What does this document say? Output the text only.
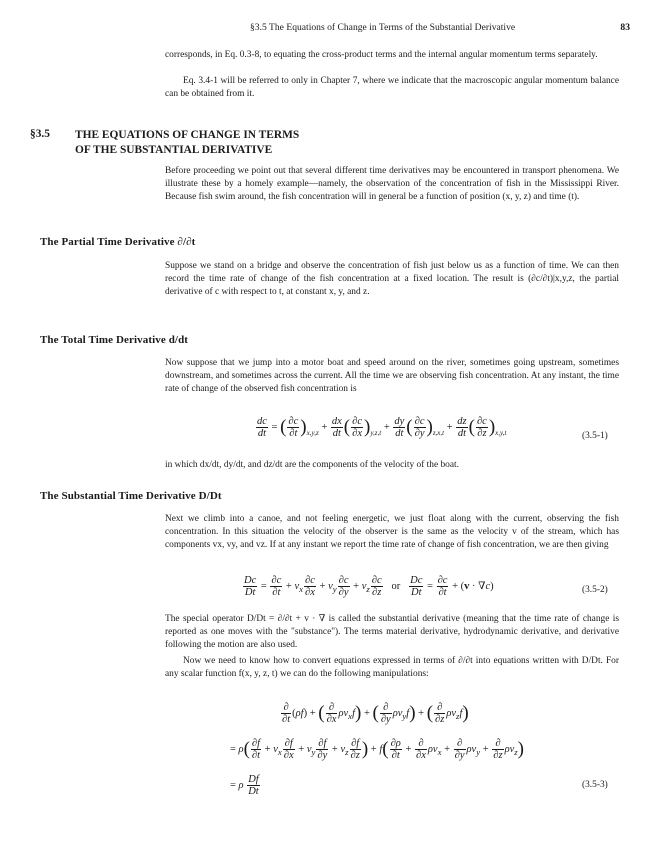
§3.5 The Equations of Change in Terms of the Substantial Derivative	83
corresponds, in Eq. 0.3-8, to equating the cross-product terms and the internal angular momentum terms separately.
Eq. 3.4-1 will be referred to only in Chapter 7, where we indicate that the macroscopic angular momentum balance can be obtained from it.
§3.5 THE EQUATIONS OF CHANGE IN TERMS
OF THE SUBSTANTIAL DERIVATIVE
Before proceeding we point out that several different time derivatives may be encountered in transport phenomena. We illustrate these by a homely example—namely, the observation of the concentration of fish in the Mississippi River. Because fish swim around, the fish concentration will in general be a function of position (x, y, z) and time (t).
The Partial Time Derivative ∂/∂t
Suppose we stand on a bridge and observe the concentration of fish just below us as a function of time. We can then record the time rate of change of the fish concentration at a fixed location. The result is (∂c/∂t)|x,y,z, the partial derivative of c with respect to t, at constant x, y, and z.
The Total Time Derivative d/dt
Now suppose that we jump into a motor boat and speed around on the river, sometimes going upstream, sometimes downstream, and sometimes across the current. All the time we are observing fish concentration. At any instant, the time rate of change of the observed fish concentration is
$\frac{dc}{dt}$ = ( $\frac{\partial c}{\partial t} )_{x,y,z} + \frac{dx}{dt}$ ( $\frac{\partial c}{\partial x} )_{y,z,t} + \frac{dy}{dt}$ ( $\frac{\partial c}{\partial y} )_{z,x,t} + \frac{dz}{dt}$ ( $\frac{\partial c}{\partial z} )_{x,y,t}$	(3.5-1)
in which dx/dt, dy/dt, and dz/dt are the components of the velocity of the boat.
The Substantial Time Derivative D/Dt
Next we climb into a canoe, and not feeling energetic, we just float along with the current, observing the fish concentration. In this situation the velocity of the observer is the same as the velocity v of the stream, which has components vx, vy, and vz. If at any instant we report the time rate of change of fish concentration, we are then giving
$\frac{Dc}{Dt} = \frac{\partial c}{\partial t} + v_x \frac{\partial c}{\partial x} + v_y \frac{\partial c}{\partial y} + v_z \frac{\partial c}{\partial z}$ or $\frac{Dc}{Dt} = \frac{\partial c}{\partial t} + (v \cdot \nabla c)$	(3.5-2)
The special operator D/Dt = ∂/∂t + v · ∇ is called the substantial derivative (meaning that the time rate of change is reported as one moves with the "substance"). The terms material derivative, hydrodynamic derivative, and derivative following the motion are also used.
Now we need to know how to convert equations expressed in terms of ∂/∂t into equations written with D/Dt. For any scalar function f(x, y, z, t) we can do the following manipulations:
$\frac{\partial}{\partial t} (\rho f)$ + ( $\frac{\partial}{\partial x} \rho v_xf$) + ( $\frac{\partial}{\partial y} \rho v_yf$) + ( $\frac{\partial}{\partial z} \rho v_zf$)
= $\rho( \frac{\partial f}{\partial t} + v_x \frac{\partial f}{\partial x} + v_y \frac{\partial f}{\partial y} + v_z \frac{\partial f}{\partial z}$ ) + $f( \frac{\partial\rho}{\partial t} + \frac{\partial}{\partial x} \rho v_x + \frac{\partial}{\partial y} \rho v_y + \frac{\partial}{\partial z} \rho v_z)$
= ρ $\frac{Df}{Dt}$	(3.5-3)
